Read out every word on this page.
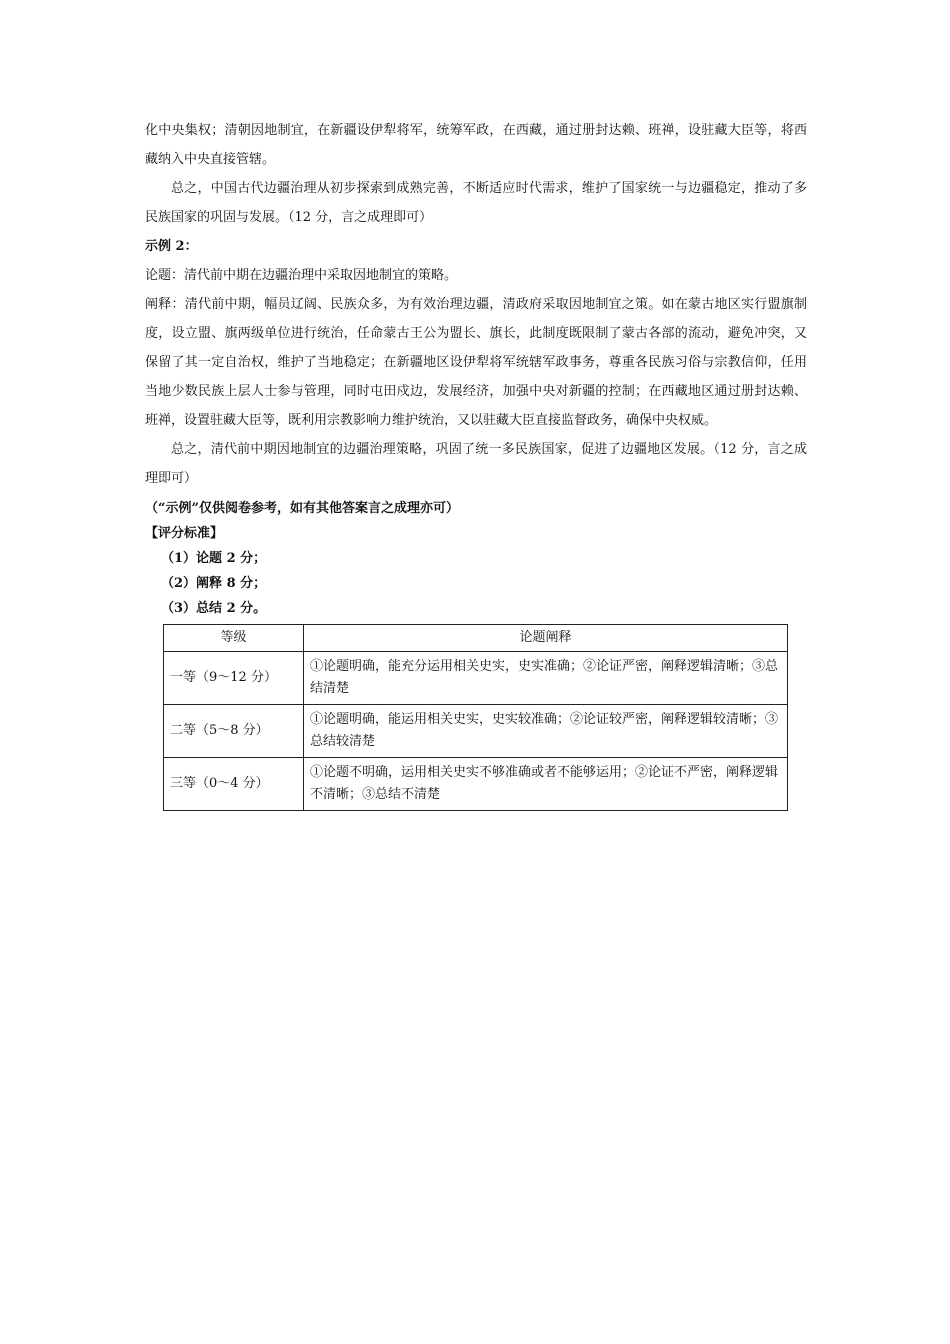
化中央集权；清朝因地制宜，在新疆设伊犁将军，统筹军政，在西藏，通过册封达赖、班禅，设驻藏大臣等，将西藏纳入中央直接管辖。

总之，中国古代边疆治理从初步探索到成熟完善，不断适应时代需求，维护了国家统一与边疆稳定，推动了多民族国家的巩固与发展。（12 分，言之成理即可）

示例 2：

论题：清代前中期在边疆治理中采取因地制宜的策略。

阐释：清代前中期，幅员辽阔、民族众多，为有效治理边疆，清政府采取因地制宜之策。如在蒙古地区实行盟旗制度，设立盟、旗两级单位进行统治，任命蒙古王公为盟长、旗长，此制度既限制了蒙古各部的流动，避免冲突，又保留了其一定自治权，维护了当地稳定；在新疆地区设伊犁将军统辖军政事务，尊重各民族习俗与宗教信仰，任用当地少数民族上层人士参与管理，同时屯田戍边，发展经济，加强中央对新疆的控制；在西藏地区通过册封达赖、班禅，设置驻藏大臣等，既利用宗教影响力维护统治，又以驻藏大臣直接监督政务，确保中央权威。

总之，清代前中期因地制宜的边疆治理策略，巩固了统一多民族国家，促进了边疆地区发展。（12 分，言之成理即可）

（“示例”仅供阅卷参考，如有其他答案言之成理亦可）

【评分标准】

（1）论题 2 分；

（2）阐释 8 分；

（3）总结 2 分。

等级	论题阐释
一等（9～12 分）	①论题明确，能充分运用相关史实，史实准确；②论证严密，阐释逻辑清晰；③总结清楚
二等（5～8 分）	①论题明确，能运用相关史实，史实较准确；②论证较严密，阐释逻辑较清晰；③总结较清楚
三等（0～4 分）	①论题不明确，运用相关史实不够准确或者不能够运用；②论证不严密，阐释逻辑不清晰；③总结不清楚
